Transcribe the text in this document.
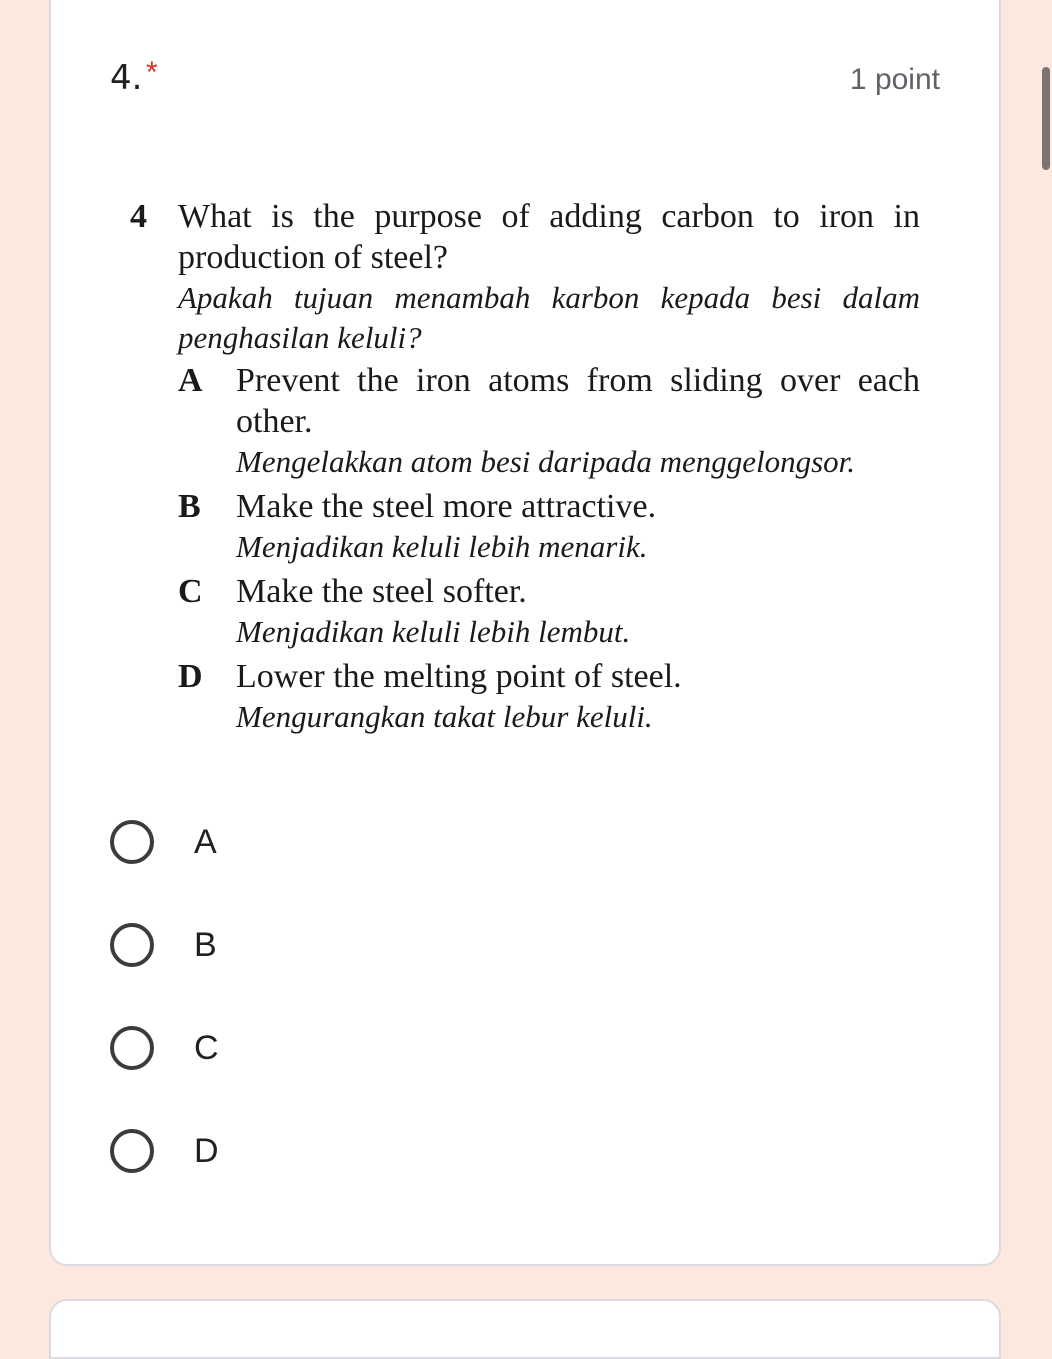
4. *	1 point
4 What is the purpose of adding carbon to iron in production of steel?
Apakah tujuan menambah karbon kepada besi dalam penghasilan keluli?
A Prevent the iron atoms from sliding over each other.
Mengelakkan atom besi daripada menggelongsor.
B	Make the steel more attractive.
Menjadikan keluli lebih menarik.
C Make the steel softer.
Menjadikan keluli lebih lembut.
D Lower the melting point of steel.
Mengurangkan takat lebur keluli.
A
B
C
D
